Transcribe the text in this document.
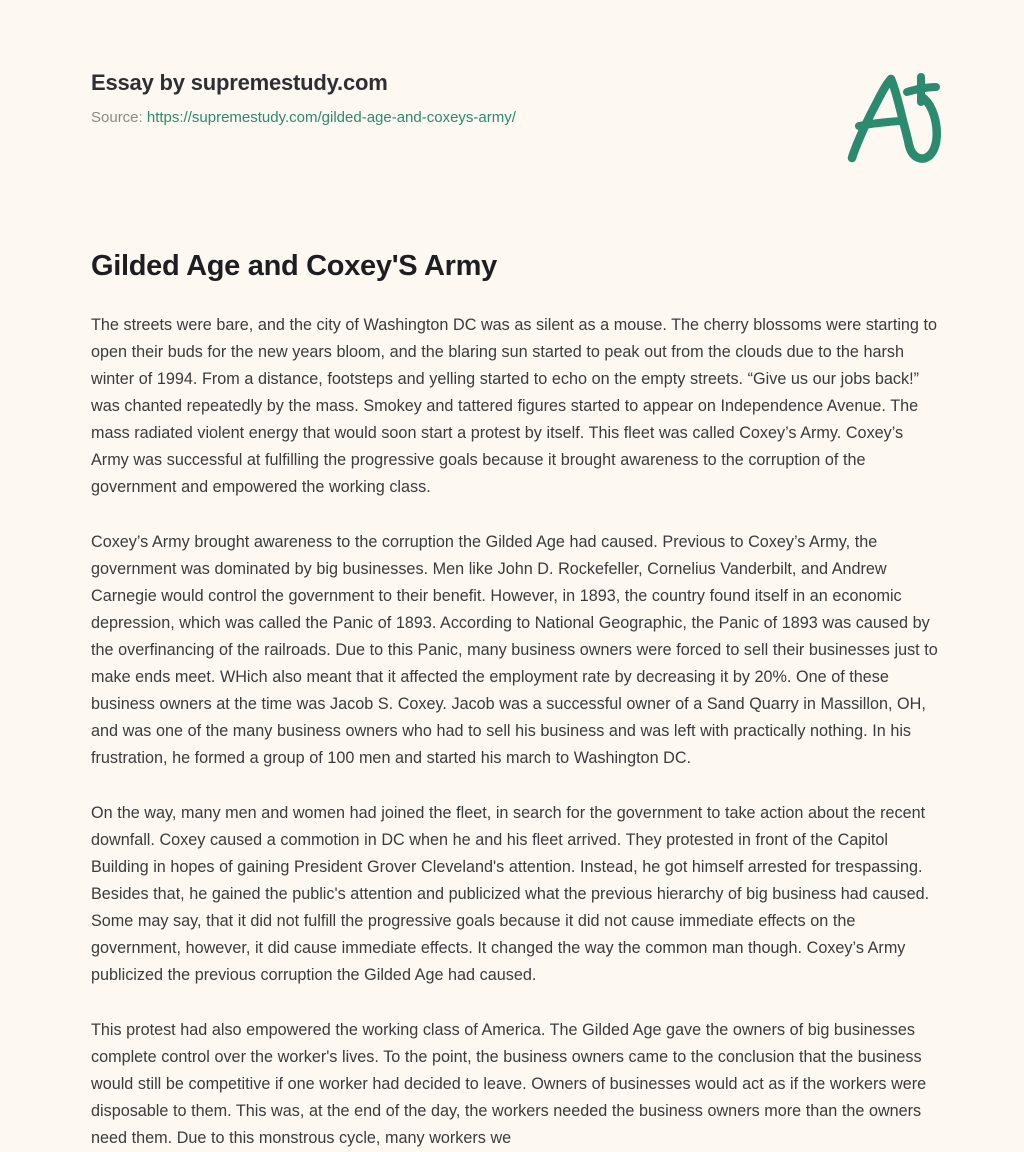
Essay by supremestudy.com
Source: https://supremestudy.com/gilded-age-and-coxeys-army/
Gilded Age and Coxey'S Army

The streets were bare, and the city of Washington DC was as silent as a mouse. The cherry blossoms were starting to open their buds for the new years bloom, and the blaring sun started to peak out from the clouds due to the harsh winter of 1994. From a distance, footsteps and yelling started to echo on the empty streets. “Give us our jobs back!” was chanted repeatedly by the mass. Smokey and tattered figures started to appear on Independence Avenue. The mass radiated violent energy that would soon start a protest by itself. This fleet was called Coxey’s Army. Coxey’s Army was successful at fulfilling the progressive goals because it brought awareness to the corruption of the government and empowered the working class.

Coxey’s Army brought awareness to the corruption the Gilded Age had caused. Previous to Coxey’s Army, the government was dominated by big businesses. Men like John D. Rockefeller, Cornelius Vanderbilt, and Andrew Carnegie would control the government to their benefit. However, in 1893, the country found itself in an economic depression, which was called the Panic of 1893. According to National Geographic, the Panic of 1893 was caused by the overfinancing of the railroads. Due to this Panic, many business owners were forced to sell their businesses just to make ends meet. WHich also meant that it affected the employment rate by decreasing it by 20%. One of these business owners at the time was Jacob S. Coxey. Jacob was a successful owner of a Sand Quarry in Massillon, OH, and was one of the many business owners who had to sell his business and was left with practically nothing. In his frustration, he formed a group of 100 men and started his march to Washington DC.

On the way, many men and women had joined the fleet, in search for the government to take action about the recent downfall. Coxey caused a commotion in DC when he and his fleet arrived. They protested in front of the Capitol Building in hopes of gaining President Grover Cleveland's attention. Instead, he got himself arrested for trespassing. Besides that, he gained the public's attention and publicized what the previous hierarchy of big business had caused. Some may say, that it did not fulfill the progressive goals because it did not cause immediate effects on the government, however, it did cause immediate effects. It changed the way the common man though. Coxey’s Army publicized the previous corruption the Gilded Age had caused.

This protest had also empowered the working class of America. The Gilded Age gave the owners of big businesses complete control over the worker's lives. To the point, the business owners came to the conclusion that the business would still be competitive if one worker had decided to leave. Owners of businesses would act as if the workers were disposable to them. This was, at the end of the day, the workers needed the business owners more than the owners need them. Due to this monstrous cycle, many workers we
